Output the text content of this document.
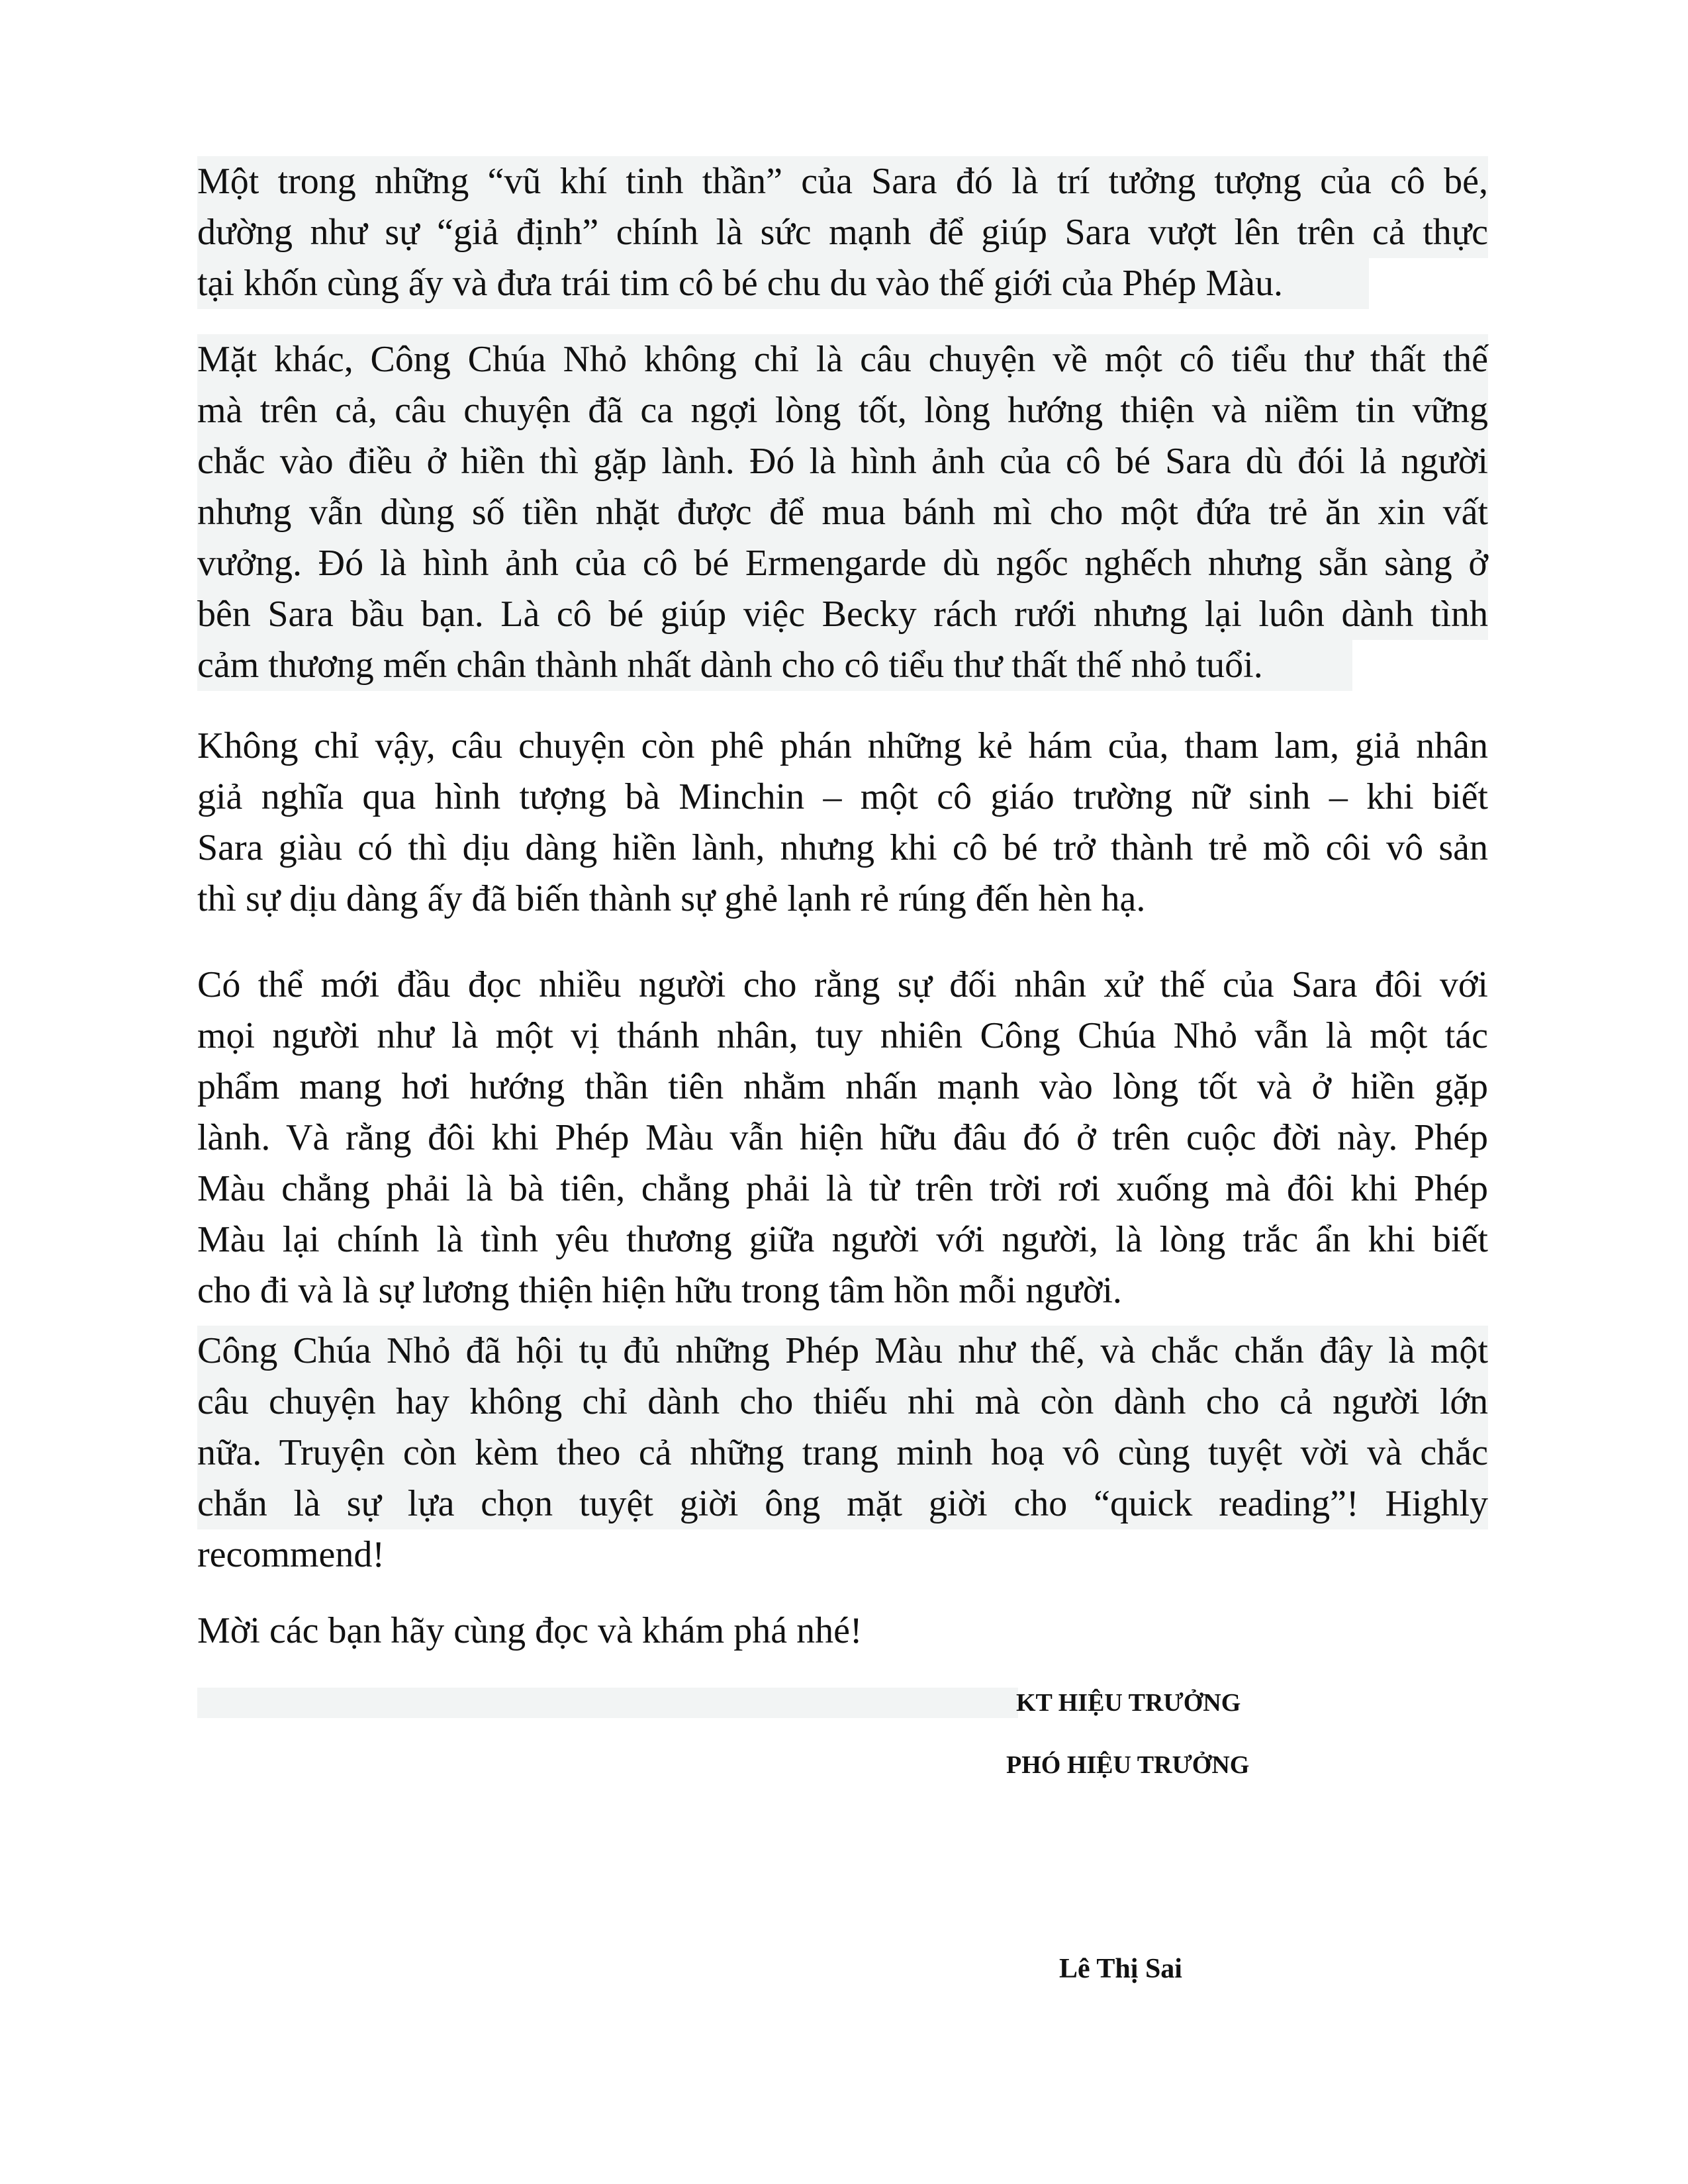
Một trong những “vũ khí tinh thần” của Sara đó là trí tưởng tượng của cô bé,
dường như sự “giả định” chính là sức mạnh để giúp Sara vượt lên trên cả thực
tại khốn cùng ấy và đưa trái tim cô bé chu du vào thế giới của Phép Màu.
Mặt khác, Công Chúa Nhỏ không chỉ là câu chuyện về một cô tiểu thư thất thế
mà trên cả, câu chuyện đã ca ngợi lòng tốt, lòng hướng thiện và niềm tin vững
chắc vào điều ở hiền thì gặp lành. Đó là hình ảnh của cô bé Sara dù đói lả người
nhưng vẫn dùng số tiền nhặt được để mua bánh mì cho một đứa trẻ ăn xin vất
vưởng. Đó là hình ảnh của cô bé Ermengarde dù ngốc nghếch nhưng sẵn sàng ở
bên Sara bầu bạn. Là cô bé giúp việc Becky rách rưới nhưng lại luôn dành tình
cảm thương mến chân thành nhất dành cho cô tiểu thư thất thế nhỏ tuổi.
Không chỉ vậy, câu chuyện còn phê phán những kẻ hám của, tham lam, giả nhân
giả nghĩa qua hình tượng bà Minchin – một cô giáo trường nữ sinh – khi biết
Sara giàu có thì dịu dàng hiền lành, nhưng khi cô bé trở thành trẻ mồ côi vô sản
thì sự dịu dàng ấy đã biến thành sự ghẻ lạnh rẻ rúng đến hèn hạ.
Có thể mới đầu đọc nhiều người cho rằng sự đối nhân xử thế của Sara đôi với
mọi người như là một vị thánh nhân, tuy nhiên Công Chúa Nhỏ vẫn là một tác
phẩm mang hơi hướng thần tiên nhằm nhấn mạnh vào lòng tốt và ở hiền gặp
lành. Và rằng đôi khi Phép Màu vẫn hiện hữu đâu đó ở trên cuộc đời này. Phép
Màu chẳng phải là bà tiên, chẳng phải là từ trên trời rơi xuống mà đôi khi Phép
Màu lại chính là tình yêu thương giữa người với người, là lòng trắc ẩn khi biết
cho đi và là sự lương thiện hiện hữu trong tâm hồn mỗi người.
Công Chúa Nhỏ đã hội tụ đủ những Phép Màu như thế, và chắc chắn đây là một
câu chuyện hay không chỉ dành cho thiếu nhi mà còn dành cho cả người lớn
nữa. Truyện còn kèm theo cả những trang minh hoạ vô cùng tuyệt vời và chắc
chắn là sự lựa chọn tuyệt giời ông mặt giời cho “quick reading”! Highly
recommend!
Mời các bạn hãy cùng đọc và khám phá nhé!
KT HIỆU TRƯỞNG
PHÓ HIỆU TRƯỞNG
Lê Thị Sai
